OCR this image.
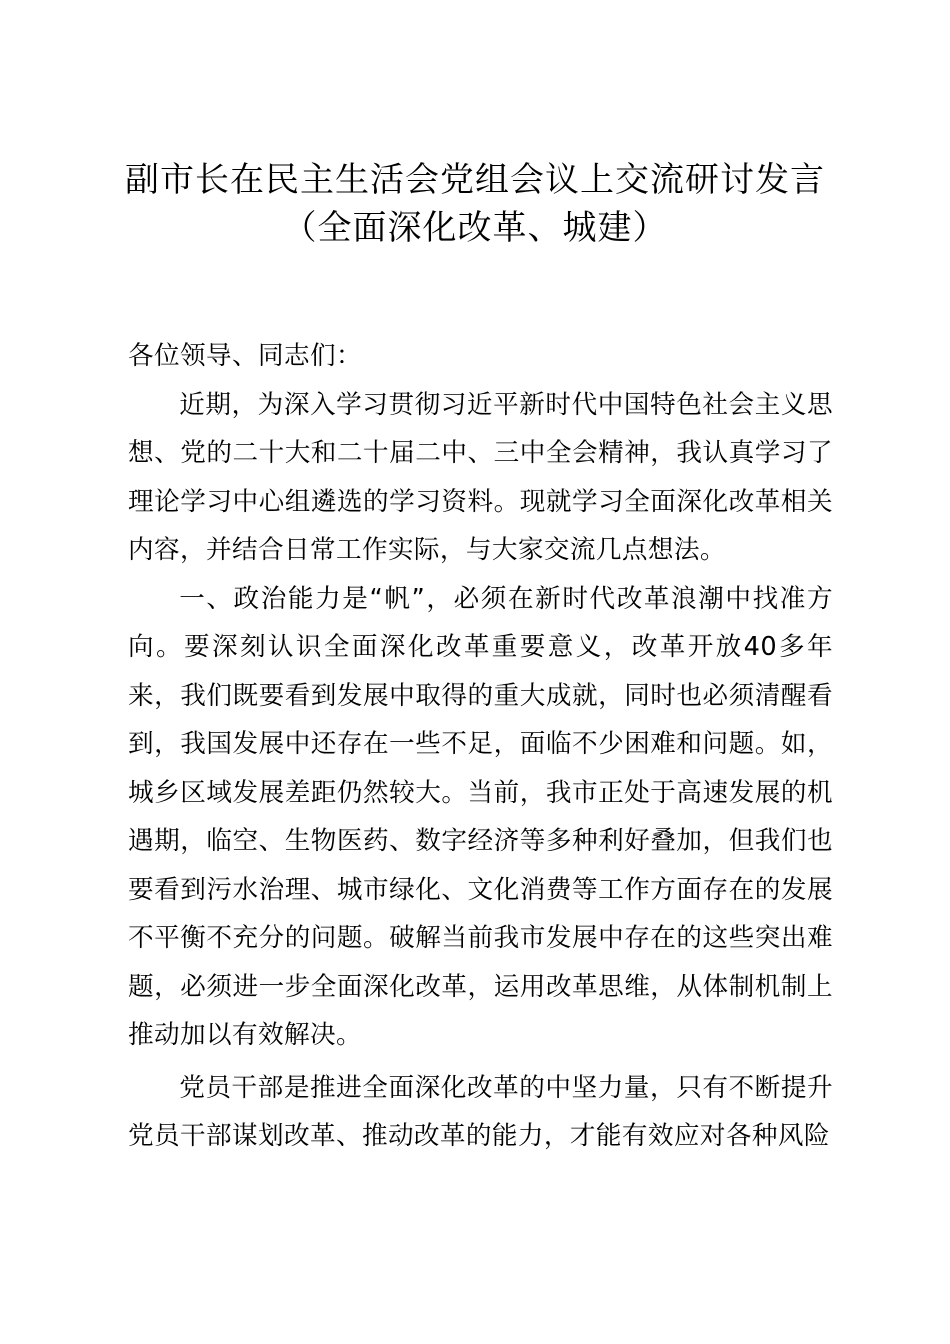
副市长在民主生活会党组会议上交流研讨发言
（全面深化改革、城建）

各位领导、同志们：

近期，为深入学习贯彻习近平新时代中国特色社会主义思想、党的二十大和二十届二中、三中全会精神，我认真学习了理论学习中心组遴选的学习资料。现就学习全面深化改革相关内容，并结合日常工作实际，与大家交流几点想法。

一、政治能力是“帆”，必须在新时代改革浪潮中找准方向。要深刻认识全面深化改革重要意义，改革开放40多年来，我们既要看到发展中取得的重大成就，同时也必须清醒看到，我国发展中还存在一些不足，面临不少困难和问题。如，城乡区域发展差距仍然较大。当前，我市正处于高速发展的机遇期，临空、生物医药、数字经济等多种利好叠加，但我们也要看到污水治理、城市绿化、文化消费等工作方面存在的发展不平衡不充分的问题。破解当前我市发展中存在的这些突出难题，必须进一步全面深化改革，运用改革思维，从体制机制上推动加以有效解决。

党员干部是推进全面深化改革的中坚力量，只有不断提升党员干部谋划改革、推动改革的能力，才能有效应对各种风险
